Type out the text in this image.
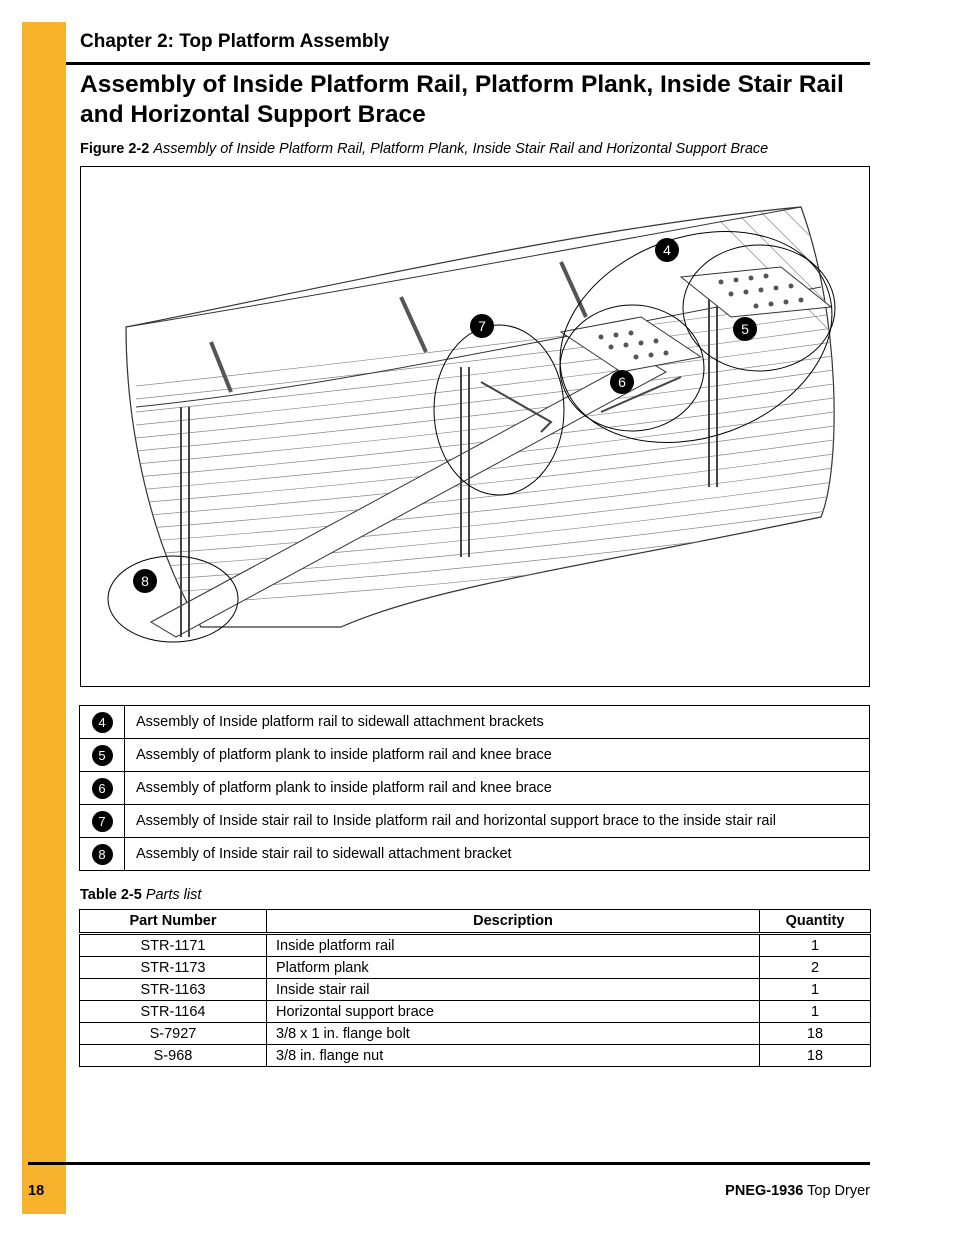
Chapter 2: Top Platform Assembly
Assembly of Inside Platform Rail, Platform Plank, Inside Stair Rail and Horizontal Support Brace
Figure 2-2 Assembly of Inside Platform Rail, Platform Plank, Inside Stair Rail and Horizontal Support Brace
4
5
6
7
8
4	Assembly of Inside platform rail to sidewall attachment brackets
5	Assembly of platform plank to inside platform rail and knee brace
6	Assembly of platform plank to inside platform rail and knee brace
7	Assembly of Inside stair rail to Inside platform rail and horizontal support brace to the inside stair rail
8	Assembly of Inside stair rail to sidewall attachment bracket
Table 2-5 Parts list
Part Number	Description	Quantity
STR-1171	Inside platform rail	1
STR-1173	Platform plank	2
STR-1163	Inside stair rail	1
STR-1164	Horizontal support brace	1
S-7927	3/8 x 1 in. flange bolt	18
S-968	3/8 in. flange nut	18
18	PNEG-1936 Top Dryer
